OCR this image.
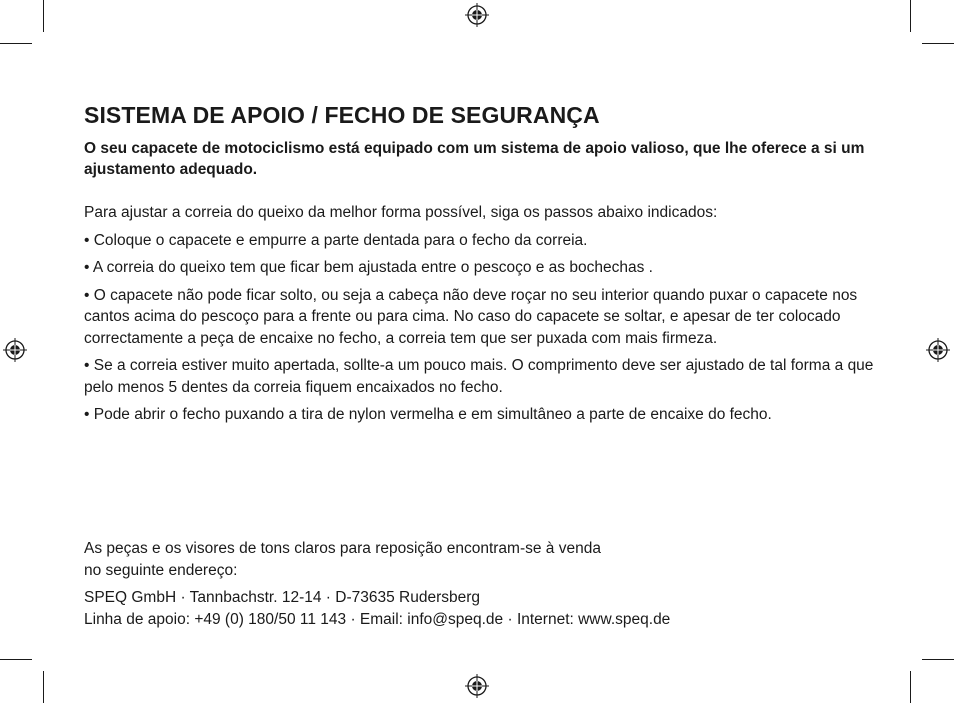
SISTEMA DE APOIO / FECHO DE SEGURANÇA

O seu capacete de motociclismo está equipado com um sistema de apoio valioso, que lhe oferece a si um ajustamento adequado.

Para ajustar a correia do queixo da melhor forma possível, siga os passos abaixo indicados:

• Coloque o capacete e empurre a parte dentada para o fecho da correia.

• A correia do queixo tem que ficar bem ajustada entre o pescoço e as bochechas .

• O capacete não pode ficar solto, ou seja a cabeça não deve roçar no seu interior quando puxar o capacete nos cantos acima do pescoço para a frente ou para cima. No caso do capacete se soltar, e apesar de ter colocado correctamente a peça de encaixe no fecho, a correia tem que ser puxada com mais firmeza.

• Se a correia estiver muito apertada, sollte-a um pouco mais. O comprimento deve ser ajustado de tal forma a que pelo menos 5 dentes da correia fiquem encaixados no fecho.

• Pode abrir o fecho puxando a tira de nylon vermelha e em simultâneo a parte de encaixe do fecho.

As peças e os visores de tons claros para reposição encontram-se à venda
no seguinte endereço:

SPEQ GmbH · Tannbachstr. 12-14 · D-73635 Rudersberg
Linha de apoio: +49 (0) 180/50 11 143 · Email: info@speq.de · Internet: www.speq.de
